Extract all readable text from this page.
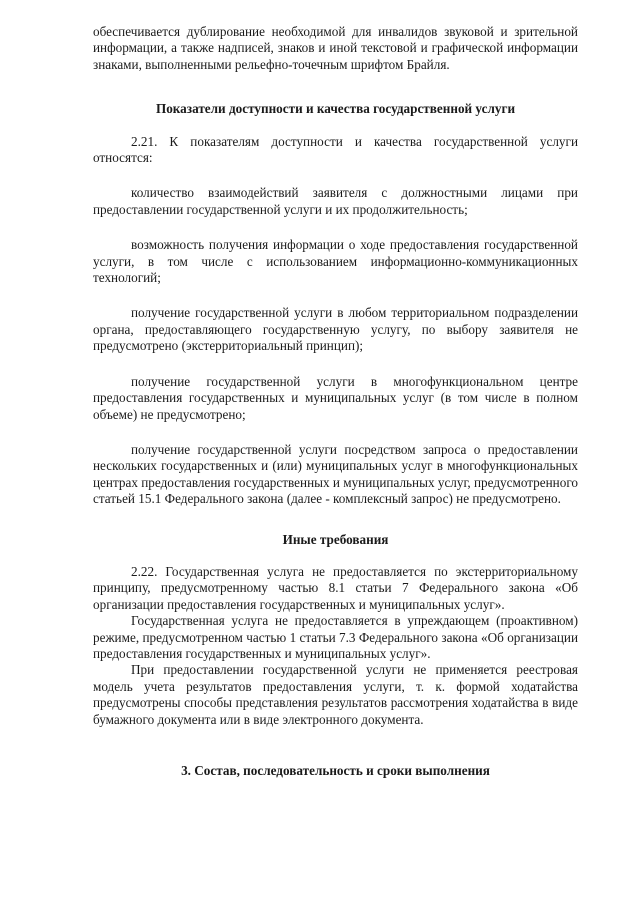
обеспечивается дублирование необходимой для инвалидов звуковой и зрительной информации, а также надписей, знаков и иной текстовой и графической информации знаками, выполненными рельефно-точечным шрифтом Брайля.

Показатели доступности и качества государственной услуги

2.21. К показателям доступности и качества государственной услуги относятся:

количество взаимодействий заявителя с должностными лицами при предоставлении государственной услуги и их продолжительность;

возможность получения информации о ходе предоставления государственной услуги, в том числе с использованием информационно-коммуникационных технологий;

получение государственной услуги в любом территориальном подразделении органа, предоставляющего государственную услугу, по выбору заявителя не предусмотрено (экстерриториальный принцип);

получение государственной услуги в многофункциональном центре предоставления государственных и муниципальных услуг (в том числе в полном объеме) не предусмотрено;

получение государственной услуги посредством запроса о предоставлении нескольких государственных и (или) муниципальных услуг в многофункциональных центрах предоставления государственных и муниципальных услуг, предусмотренного статьей 15.1 Федерального закона (далее - комплексный запрос) не предусмотрено.

Иные требования

2.22. Государственная услуга не предоставляется по экстерриториальному принципу, предусмотренному частью 8.1 статьи 7 Федерального закона «Об организации предоставления государственных и муниципальных услуг».

Государственная услуга не предоставляется в упреждающем (проактивном) режиме, предусмотренном частью 1 статьи 7.3 Федерального закона «Об организации предоставления государственных и муниципальных услуг».

При предоставлении государственной услуги не применяется реестровая модель учета результатов предоставления услуги, т. к. формой ходатайства предусмотрены способы представления результатов рассмотрения ходатайства в виде бумажного документа или в виде электронного документа.

3. Состав, последовательность и сроки выполнения
